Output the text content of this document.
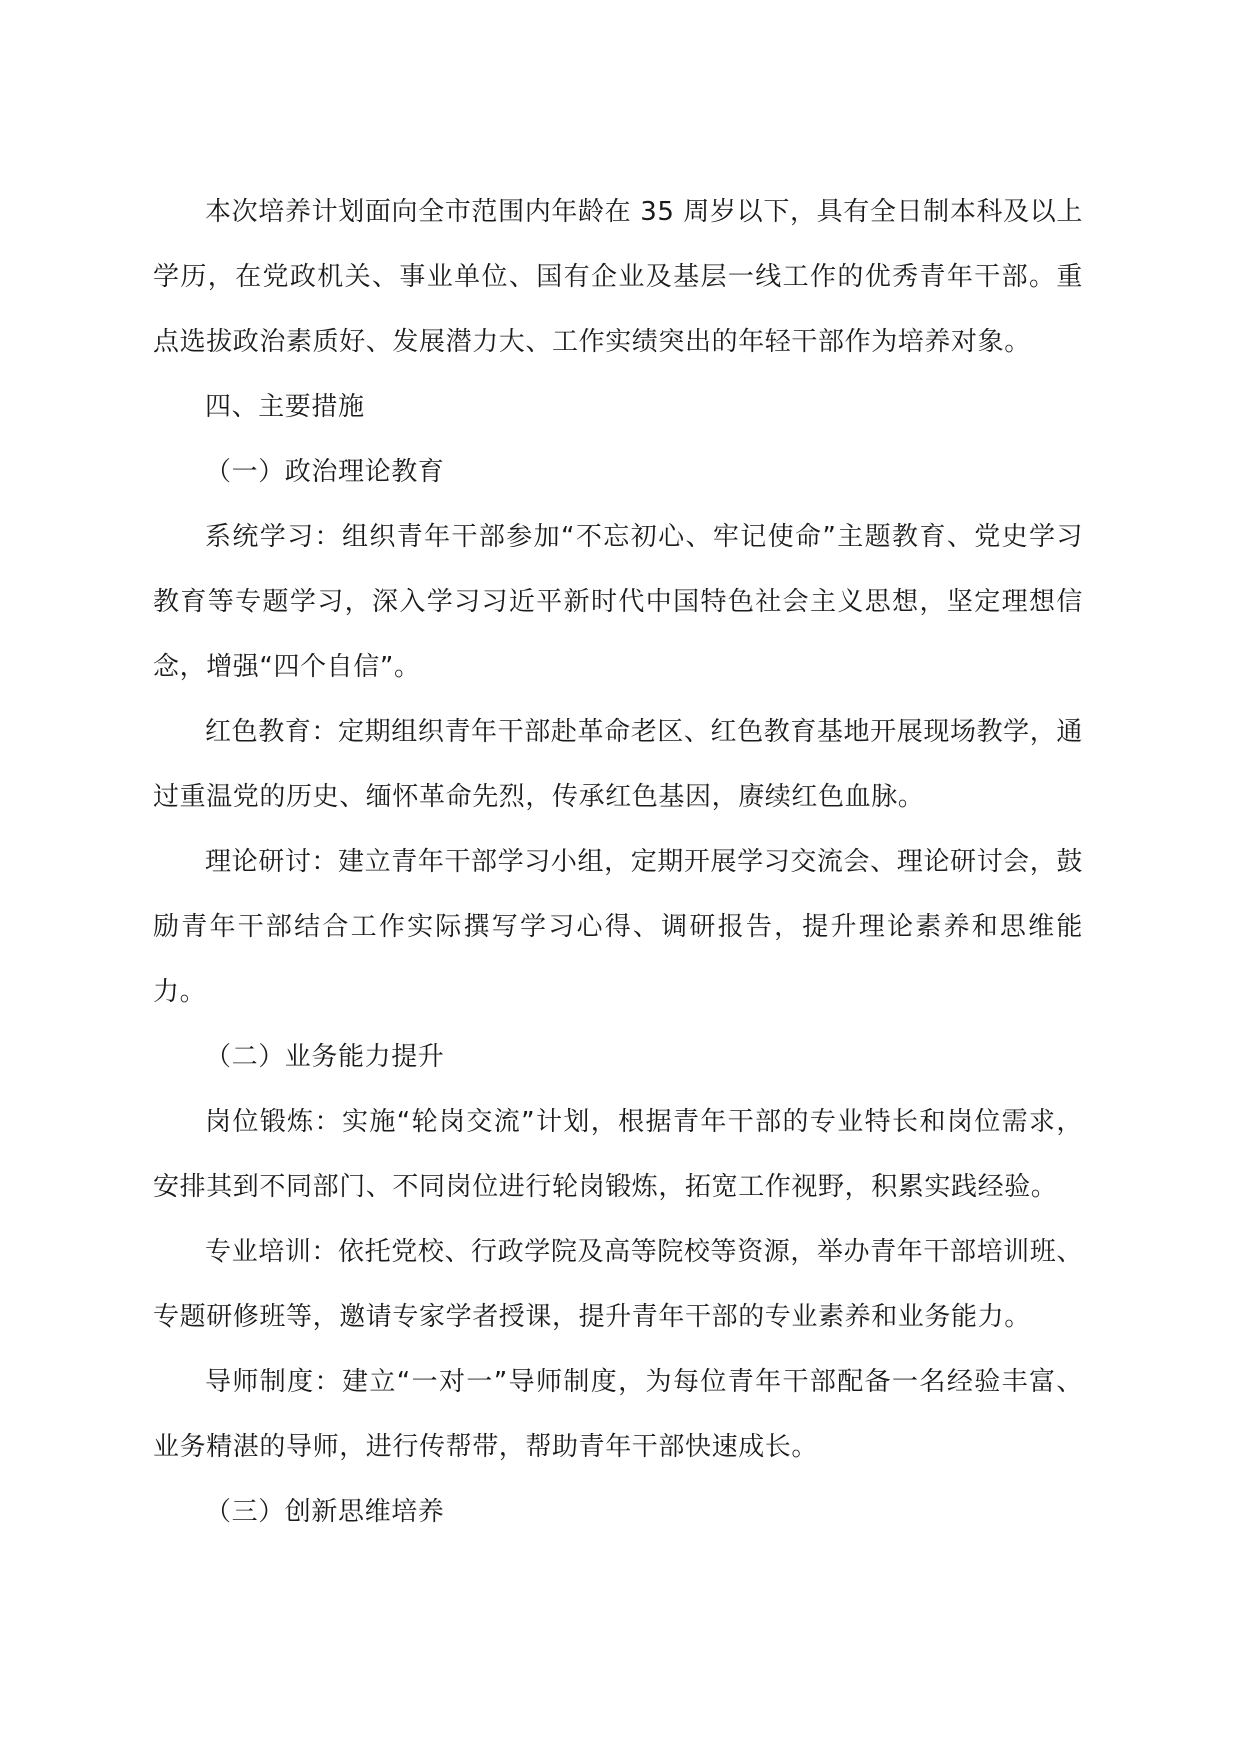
本次培养计划面向全市范围内年龄在 35 周岁以下，具有全日制本科及以上学历，在党政机关、事业单位、国有企业及基层一线工作的优秀青年干部。重点选拔政治素质好、发展潜力大、工作实绩突出的年轻干部作为培养对象。

四、主要措施

（一）政治理论教育

系统学习：组织青年干部参加“不忘初心、牢记使命”主题教育、党史学习教育等专题学习，深入学习习近平新时代中国特色社会主义思想，坚定理想信念，增强“四个自信”。

红色教育：定期组织青年干部赴革命老区、红色教育基地开展现场教学，通过重温党的历史、缅怀革命先烈，传承红色基因，赓续红色血脉。

理论研讨：建立青年干部学习小组，定期开展学习交流会、理论研讨会，鼓励青年干部结合工作实际撰写学习心得、调研报告，提升理论素养和思维能力。

（二）业务能力提升

岗位锻炼：实施“轮岗交流”计划，根据青年干部的专业特长和岗位需求，安排其到不同部门、不同岗位进行轮岗锻炼，拓宽工作视野，积累实践经验。

专业培训：依托党校、行政学院及高等院校等资源，举办青年干部培训班、专题研修班等，邀请专家学者授课，提升青年干部的专业素养和业务能力。

导师制度：建立“一对一”导师制度，为每位青年干部配备一名经验丰富、业务精湛的导师，进行传帮带，帮助青年干部快速成长。

（三）创新思维培养
